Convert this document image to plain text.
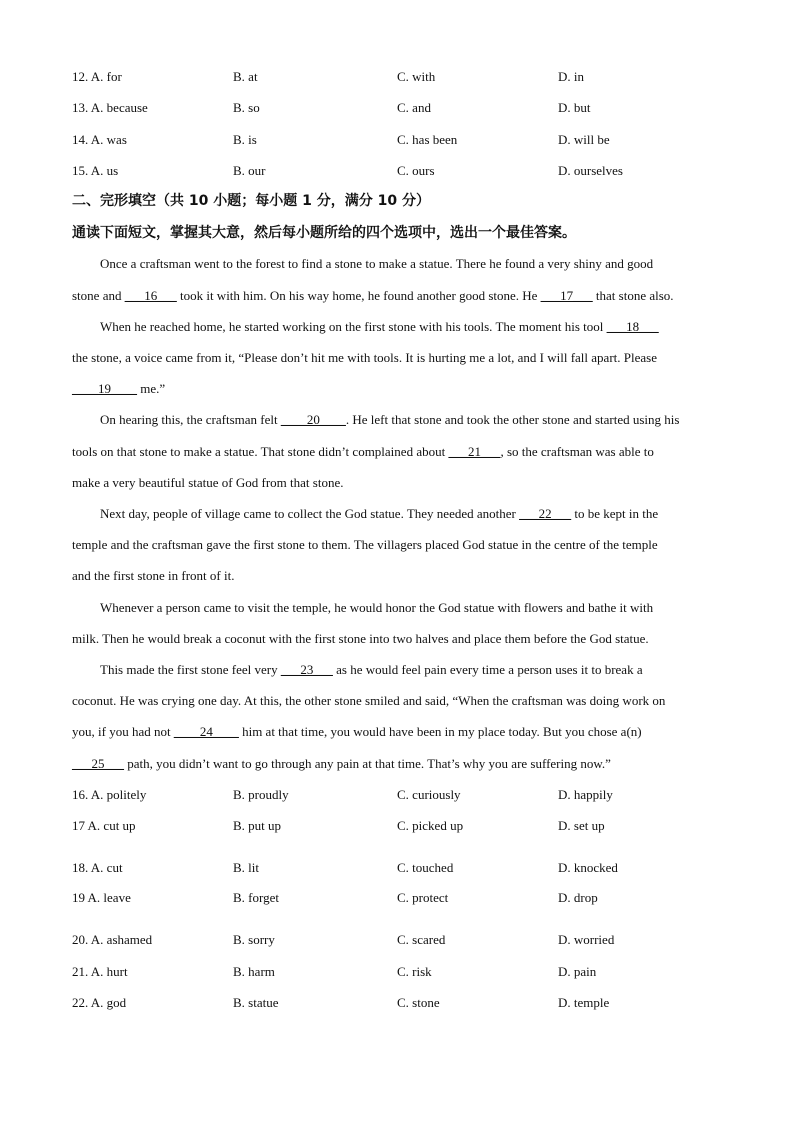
12. A. for	B. at	C. with	D. in
13. A. because	B. so	C. and	D. but
14. A. was	B. is	C. has been	D. will be
15. A. us	B. our	C. ours	D. ourselves
二、完形填空（共 10 小题；每小题 1 分，满分 10 分）
通读下面短文，掌握其大意，然后每小题所给的四个选项中，选出一个最佳答案。
Once a craftsman went to the forest to find a stone to make a statue. There he found a very shiny and good
stone and ___16___ took it with him. On his way home, he found another good stone. He ___17___ that stone also.
When he reached home, he started working on the first stone with his tools. The moment his tool ___18___
the stone, a voice came from it, “Please don’t hit me with tools. It is hurting me a lot, and I will fall apart. Please
____19____ me.”
On hearing this, the craftsman felt ____20____. He left that stone and took the other stone and started using his
tools on that stone to make a statue. That stone didn’t complained about ___21___, so the craftsman was able to
make a very beautiful statue of God from that stone.
Next day, people of village came to collect the God statue. They needed another ___22___ to be kept in the
temple and the craftsman gave the first stone to them. The villagers placed God statue in the centre of the temple
and the first stone in front of it.
Whenever a person came to visit the temple, he would honor the God statue with flowers and bathe it with
milk. Then he would break a coconut with the first stone into two halves and place them before the God statue.
This made the first stone feel very ___23___ as he would feel pain every time a person uses it to break a
coconut. He was crying one day. At this, the other stone smiled and said, “When the craftsman was doing work on
you, if you had not ____24____ him at that time, you would have been in my place today. But you chose a(n)
___25___ path, you didn’t want to go through any pain at that time. That’s why you are suffering now.”
16. A. politely	B. proudly	C. curiously	D. happily
17 A. cut up	B. put up	C. picked up	D. set up
18. A. cut	B. lit	C. touched	D. knocked
19 A. leave	B. forget	C. protect	D. drop
20. A. ashamed	B. sorry	C. scared	D. worried
21. A. hurt	B. harm	C. risk	D. pain
22. A. god	B. statue	C. stone	D. temple
